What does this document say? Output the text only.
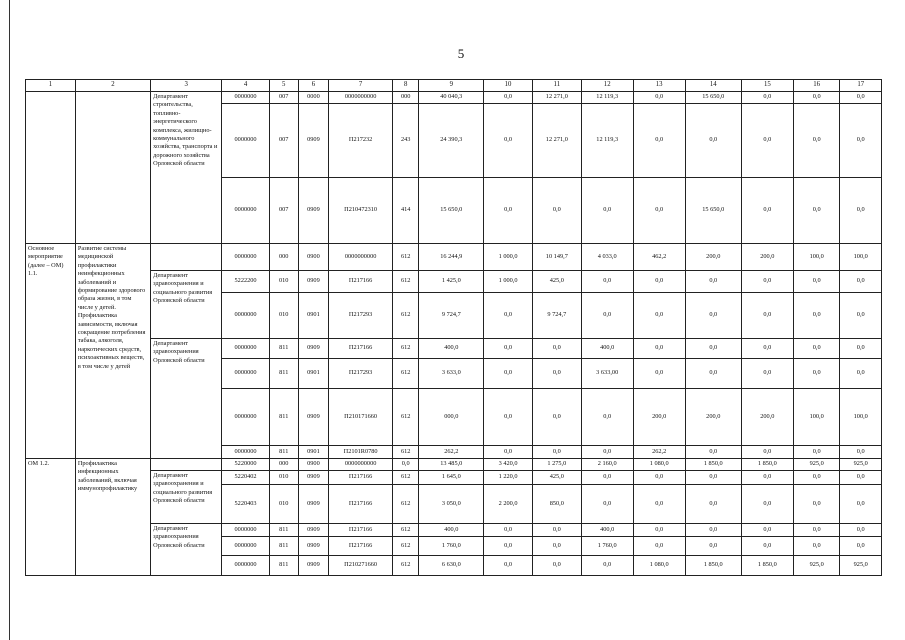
5
1	2	3	4	5	6	7	8	9	10	11	12	13	14	15	16	17
		Департамент строительства, топливно-энергетического комплекса, жилищно-коммунального хозяйства, транспорта и дорожного хозяйства Орловской области	0000000	007	0000	0000000000	000	40 040,3	0,0	12 271,0	12 119,3	0,0	15 650,0	0,0	0,0	0,0
			0000000	007	0909	П217232	243	24 390,3	0,0	12 271,0	12 119,3	0,0	0,0	0,0	0,0	0,0
			0000000	007	0909	П210472310	414	15 650,0	0,0	0,0	0,0	0,0	15 650,0	0,0	0,0	0,0
Основное мероприятие (далее – ОМ) 1.1.	Развитие системы медицинской профилактики неинфекционных заболеваний и формирование здорового образа жизни, в том числе у детей. Профилактика зависимости, включая сокращение потребления табака, алкоголя, наркотических средств, психоактивных веществ, в том числе у детей		0000000	000	0900	0000000000	612	16 244,9	1 000,0	10 149,7	4 033,0	462,2	200,0	200,0	100,0	100,0
		Департамент здравоохранения и социального развития Орловской области	5222200	010	0909	П217166	612	1 425,0	1 000,0	425,0	0,0	0,0	0,0	0,0	0,0	0,0
			0000000	010	0901	П217293	612	9 724,7	0,0	9 724,7	0,0	0,0	0,0	0,0	0,0	0,0
		Департамент здравоохранения Орловской области	0000000	811	0909	П217166	612	400,0	0,0	0,0	400,0	0,0	0,0	0,0	0,0	0,0
			0000000	811	0901	П217293	612	3 633,0	0,0	0,0	3 633,00	0,0	0,0	0,0	0,0	0,0
			0000000	811	0909	П210171660	612	000,0	0,0	0,0	0,0	200,0	200,0	200,0	100,0	100,0
			0000000	811	0901	П2101R0780	612	262,2	0,0	0,0	0,0	262,2	0,0	0,0	0,0	0,0
ОМ 1.2.	Профилактика инфекционных заболеваний, включая иммунопрофилактику		5220000	000	0900	0000000000	0,0	13 485,0	3 420,0	1 275,0	2 160,0	1 080,0	1 850,0	1 850,0	925,0	925,0
		Департамент здравоохранения и социального развития Орловской области	5220402	010	0909	П217166	612	1 645,0	1 220,0	425,0	0,0	0,0	0,0	0,0	0,0	0,0
			5220403	010	0909	П217166	612	3 050,0	2 200,0	850,0	0,0	0,0	0,0	0,0	0,0	0,0
		Департамент здравоохранения Орловской области	0000000	811	0909	П217166	612	400,0	0,0	0,0	400,0	0,0	0,0	0,0	0,0	0,0
			0000000	811	0909	П217166	612	1 760,0	0,0	0,0	1 760,0	0,0	0,0	0,0	0,0	0,0
			0000000	811	0909	П210271660	612	6 630,0	0,0	0,0	0,0	1 080,0	1 850,0	1 850,0	925,0	925,0
